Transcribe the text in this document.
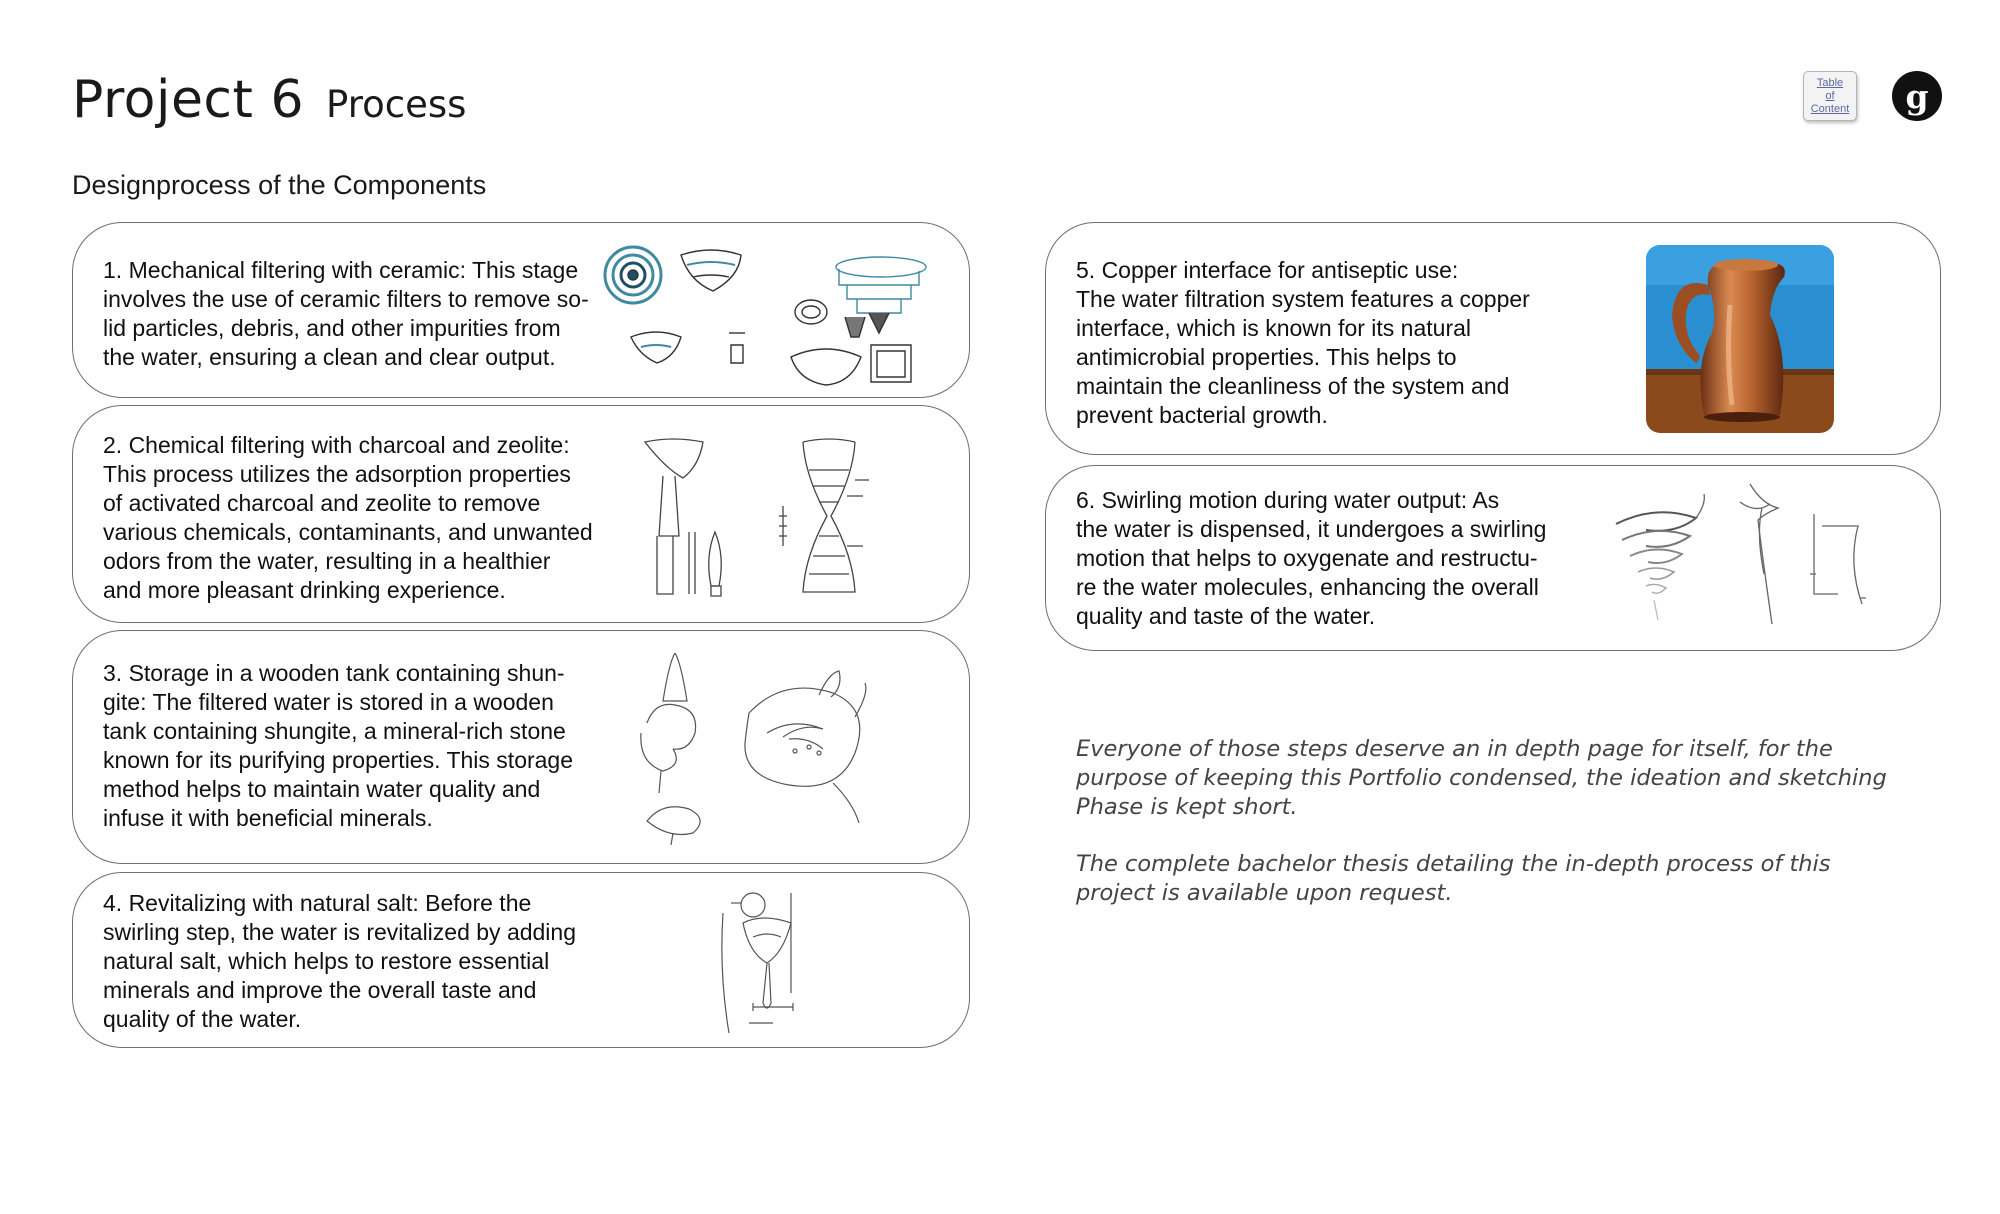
Project 6 Process
Table
of
Content g
Designprocess of the Components

1. Mechanical filtering with ceramic: This stage
involves the use of ceramic filters to remove so-
lid particles, debris, and other impurities from
the water, ensuring a clean and clear output.

2. Chemical filtering with charcoal and zeolite:
This process utilizes the adsorption properties
of activated charcoal and zeolite to remove
various chemicals, contaminants, and unwanted
odors from the water, resulting in a healthier
and more pleasant drinking experience.

3. Storage in a wooden tank containing shun-
gite: The filtered water is stored in a wooden
tank containing shungite, a mineral-rich stone
known for its purifying properties. This storage
method helps to maintain water quality and
infuse it with beneficial minerals.

4. Revitalizing with natural salt: Before the
swirling step, the water is revitalized by adding
natural salt, which helps to restore essential
minerals and improve the overall taste and
quality of the water.

5. Copper interface for antiseptic use:
The water filtration system features a copper
interface, which is known for its natural
antimicrobial properties. This helps to
maintain the cleanliness of the system and
prevent bacterial growth.

6. Swirling motion during water output: As
the water is dispensed, it undergoes a swirling
motion that helps to oxygenate and restructu-
re the water molecules, enhancing the overall
quality and taste of the water.

Everyone of those steps deserve an in depth page for itself, for the
purpose of keeping this Portfolio condensed, the ideation and sketching
Phase is kept short.

The complete bachelor thesis detailing the in-depth process of this
project is available upon request.
